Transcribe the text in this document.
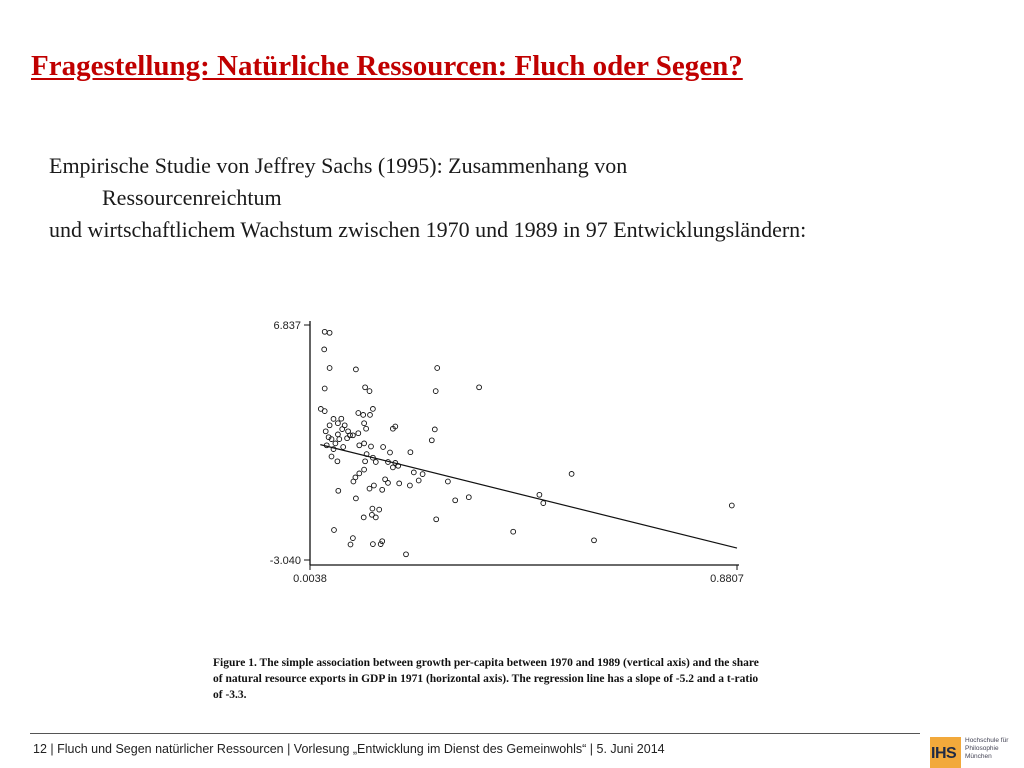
Fragestellung: Natürliche Ressourcen: Fluch oder Segen?

Empirische Studie von Jeffrey Sachs (1995): Zusammenhang von Ressourcenreichtum

und wirtschaftlichem Wachstum zwischen 1970 und 1989 in 97 Entwicklungsländern:

6.837
-3.040
0.0038	0.8807
Figure 1. The simple association between growth per-capita between 1970 and 1989 (vertical axis) and the share of natural resource exports in GDP in 1971 (horizontal axis). The regression line has a slope of -5.2 and a t-ratio of -3.3.
12 | Fluch und Segen natürlicher Ressourcen | Vorlesung „Entwicklung im Dienst des Gemeinwohls“ | 5. Juni 2014	IHS
Hochschule für
Philosophie
München
